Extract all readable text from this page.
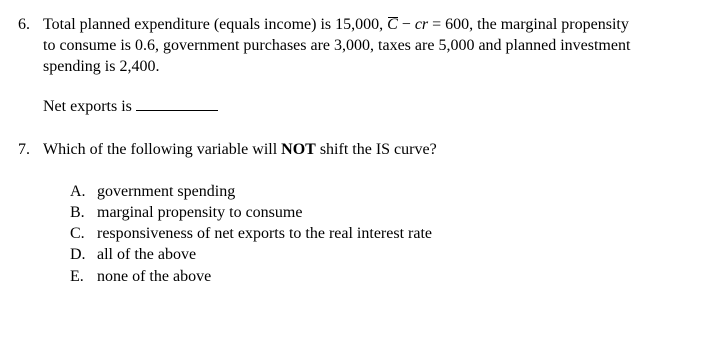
6. Total planned expenditure (equals income) is 15,000, C − cr = 600, the marginal propensity
to consume is 0.6, government purchases are 3,000, taxes are 5,000 and planned investment
spending is 2,400.
Net exports is
7. Which of the following variable will NOT shift the IS curve?
A. government spending
B. marginal propensity to consume
C. responsiveness of net exports to the real interest rate
D. all of the above
E. none of the above
